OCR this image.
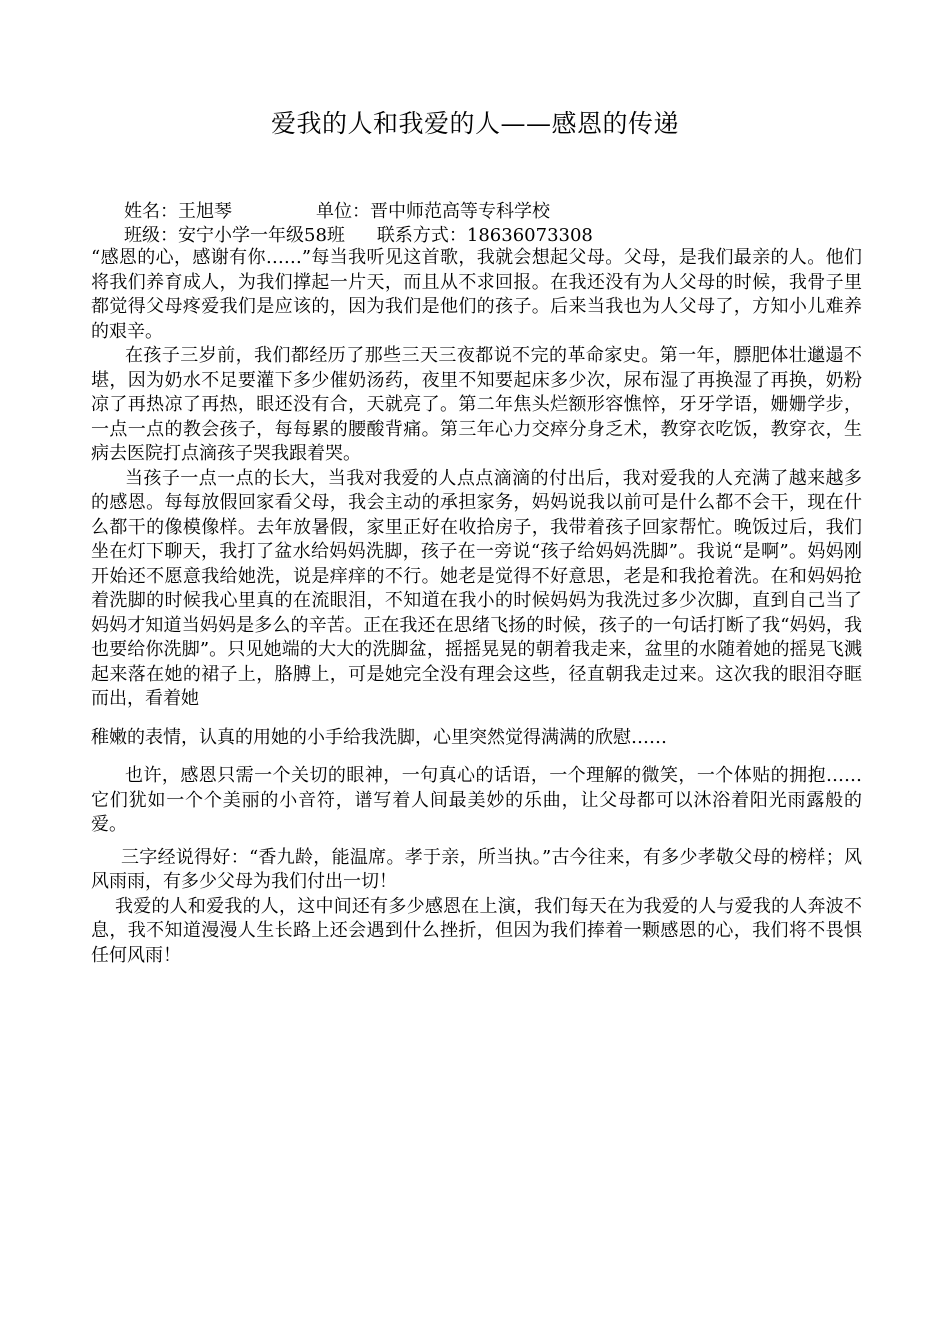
爱我的人和我爱的人——感恩的传递
姓名：王旭琴	单位：晋中师范高等专科学校
班级：安宁小学一年级58班 联系方式：18636073308

“感恩的心，感谢有你……”每当我听见这首歌，我就会想起父母。父母，是我们最亲的人。他们将我们养育成人，为我们撑起一片天，而且从不求回报。在我还没有为人父母的时候，我骨子里都觉得父母疼爱我们是应该的，因为我们是他们的孩子。后来当我也为人父母了，方知小儿难养的艰辛。

在孩子三岁前，我们都经历了那些三天三夜都说不完的革命家史。第一年，膘肥体壮邋遢不堪，因为奶水不足要灌下多少催奶汤药，夜里不知要起床多少次，尿布湿了再换湿了再换，奶粉凉了再热凉了再热，眼还没有合，天就亮了。第二年焦头烂额形容憔悴，牙牙学语，姗姗学步，一点一点的教会孩子，每每累的腰酸背痛。第三年心力交瘁分身乏术，教穿衣吃饭，教穿衣，生病去医院打点滴孩子哭我跟着哭。

当孩子一点一点的长大，当我对我爱的人点点滴滴的付出后，我对爱我的人充满了越来越多的感恩。每每放假回家看父母，我会主动的承担家务，妈妈说我以前可是什么都不会干，现在什么都干的像模像样。去年放暑假，家里正好在收拾房子，我带着孩子回家帮忙。晚饭过后，我们坐在灯下聊天，我打了盆水给妈妈洗脚，孩子在一旁说“孩子给妈妈洗脚”。我说“是啊”。妈妈刚开始还不愿意我给她洗，说是痒痒的不行。她老是觉得不好意思，老是和我抢着洗。在和妈妈抢着洗脚的时候我心里真的在流眼泪，不知道在我小的时候妈妈为我洗过多少次脚，直到自己当了妈妈才知道当妈妈是多么的辛苦。正在我还在思绪飞扬的时候，孩子的一句话打断了我“妈妈，我也要给你洗脚”。只见她端的大大的洗脚盆，摇摇晃晃的朝着我走来，盆里的水随着她的摇晃飞溅起来落在她的裙子上，胳膊上，可是她完全没有理会这些，径直朝我走过来。这次我的眼泪夺眶而出，看着她

稚嫩的表情，认真的用她的小手给我洗脚，心里突然觉得满满的欣慰……

也许，感恩只需一个关切的眼神，一句真心的话语，一个理解的微笑，一个体贴的拥抱……它们犹如一个个美丽的小音符，谱写着人间最美妙的乐曲，让父母都可以沐浴着阳光雨露般的爱。

三字经说得好：“香九龄，能温席。孝于亲，所当执。”古今往来，有多少孝敬父母的榜样；风风雨雨，有多少父母为我们付出一切！

我爱的人和爱我的人，这中间还有多少感恩在上演，我们每天在为我爱的人与爱我的人奔波不息，我不知道漫漫人生长路上还会遇到什么挫折，但因为我们捧着一颗感恩的心，我们将不畏惧任何风雨！
